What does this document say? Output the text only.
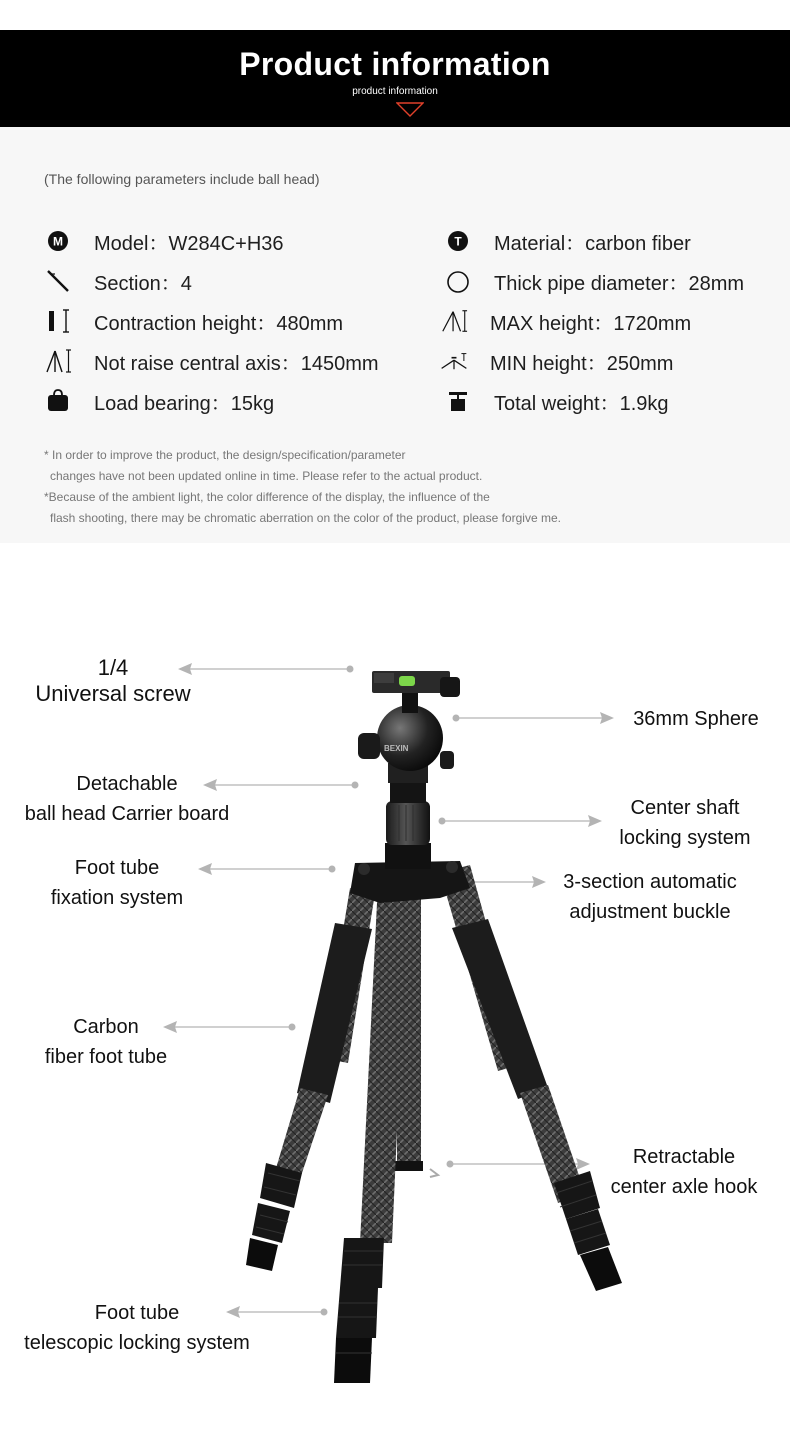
Product information
product information
(The following parameters include ball head)
M Model：W284C+H36
Section：4
Contraction height：480mm
Not raise central axis：1450mm
Load bearing：15kg
T Material：carbon fiber
Thick pipe diameter：28mm
MAX height：1720mm
MIN height：250mm
Total weight：1.9kg
* In order to improve the product, the design/specification/parameter
changes have not been updated online in time. Please refer to the actual product.
*Because of the ambient light, the color difference of the display, the influence of the
flash shooting, there may be chromatic aberration on the color of the product, please forgive me.
BEXIN
1/4
Universal screw
Detachable
ball head Carrier board
Foot tube
fixation system
Carbon
fiber foot tube
Foot tube
telescopic locking system
36mm Sphere
Center shaft
locking system
3-section automatic
adjustment buckle
Retractable
center axle hook
